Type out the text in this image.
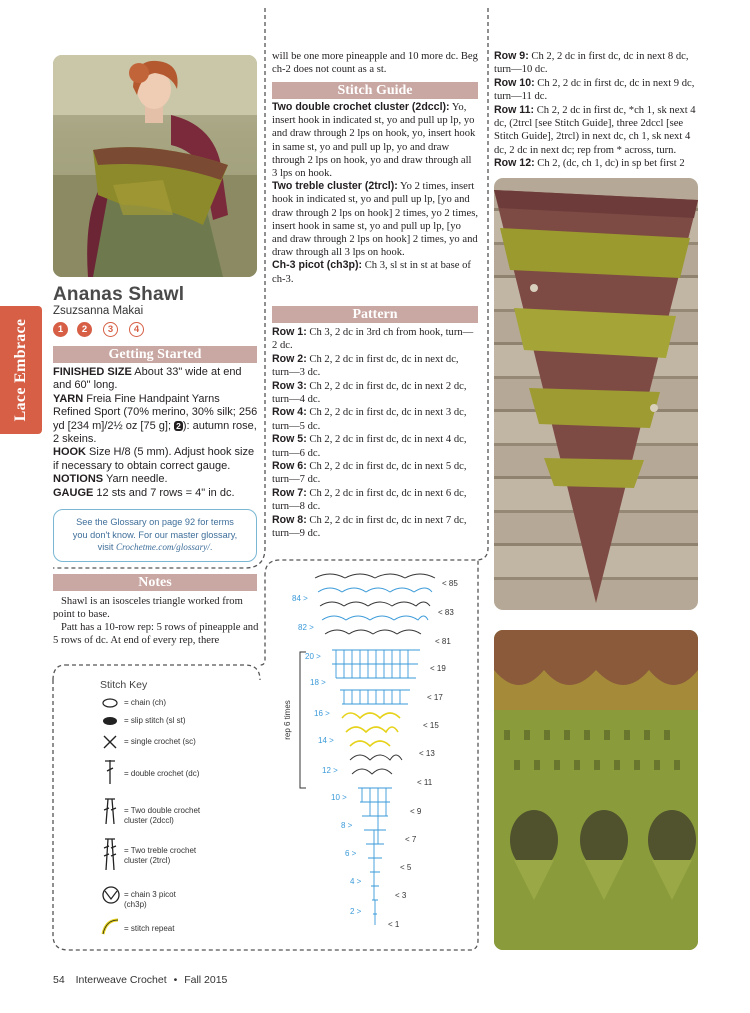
Lace Embrace
Ananas Shawl
Zsuzsanna Makai
1	2	3	4
Getting Started
FINISHED SIZE About 33" wide at end and 60" long.
YARN Freia Fine Handpaint Yarns Refined Sport (70% merino, 30% silk; 256 yd [234 m]/2½ oz [75 g]; 2 ): autumn rose, 2 skeins.
HOOK Size H/8 (5 mm). Adjust hook size if necessary to obtain correct gauge.
NOTIONS Yarn needle.
GAUGE 12 sts and 7 rows = 4" in dc.
See the Glossary on page 92 for terms
you don't know. For our master glossary,
visit Crochetme.com/glossary/.
Notes
Shawl is an isosceles triangle worked from point to base.
Patt has a 10-row rep: 5 rows of pineapple and 5 rows of dc. At end of every rep, there
will be one more pineapple and 10 more dc. Beg ch-2 does not count as a st.
Stitch Guide
Two double crochet cluster (2dccl): Yo, insert hook in indicated st, yo and pull up lp, yo and draw through 2 lps on hook, yo, insert hook in same st, yo and pull up lp, yo and draw through 2 lps on hook, yo and draw through all 3 lps on hook.
Two treble cluster (2trcl): Yo 2 times, insert hook in indicated st, yo and pull up lp, [yo and draw through 2 lps on hook] 2 times, yo 2 times, insert hook in same st, yo and pull up lp, [yo and draw through 2 lps on hook] 2 times, yo and draw through all 3 lps on hook.
Ch-3 picot (ch3p): Ch 3, sl st in st at base of ch-3.
Pattern
Row 1: Ch 3, 2 dc in 3rd ch from hook, turn—2 dc.
Row 2: Ch 2, 2 dc in first dc, dc in next dc, turn—3 dc.
Row 3: Ch 2, 2 dc in first dc, dc in next 2 dc, turn—4 dc.
Row 4: Ch 2, 2 dc in first dc, dc in next 3 dc, turn—5 dc.
Row 5: Ch 2, 2 dc in first dc, dc in next 4 dc, turn—6 dc.
Row 6: Ch 2, 2 dc in first dc, dc in next 5 dc, turn—7 dc.
Row 7: Ch 2, 2 dc in first dc, dc in next 6 dc, turn—8 dc.
Row 8: Ch 2, 2 dc in first dc, dc in next 7 dc, turn—9 dc.
Row 9: Ch 2, 2 dc in first dc, dc in next 8 dc, turn—10 dc.
Row 10: Ch 2, 2 dc in first dc, dc in next 9 dc, turn—11 dc.
Row 11: Ch 2, 2 dc in first dc, *ch 1, sk next 4 dc, (2trcl [see Stitch Guide], three 2dccl [see Stitch Guide], 2trcl) in next dc, ch 1, sk next 4 dc, 2 dc in next dc; rep from * across, turn.
Row 12: Ch 2, (dc, ch 1, dc) in sp bet first 2
Stitch Key
= chain (ch)
= slip stitch (sl st)
= single crochet (sc)
= double crochet (dc)
= Two double crochet
cluster (2dccl)
= Two treble crochet
cluster (2trcl)
= chain 3 picot
(ch3p)
= stitch repeat
84 >
82 >
20 >
18 >
16 >
14 >
12 >
10 >
8 >
6 >
4 >
2 >
< 85
< 83
< 81
< 19
< 17
< 15
< 13
< 11
< 9
< 7
< 5
< 3
< 1
rep 6 times
54 Interweave Crochet • Fall 2015
